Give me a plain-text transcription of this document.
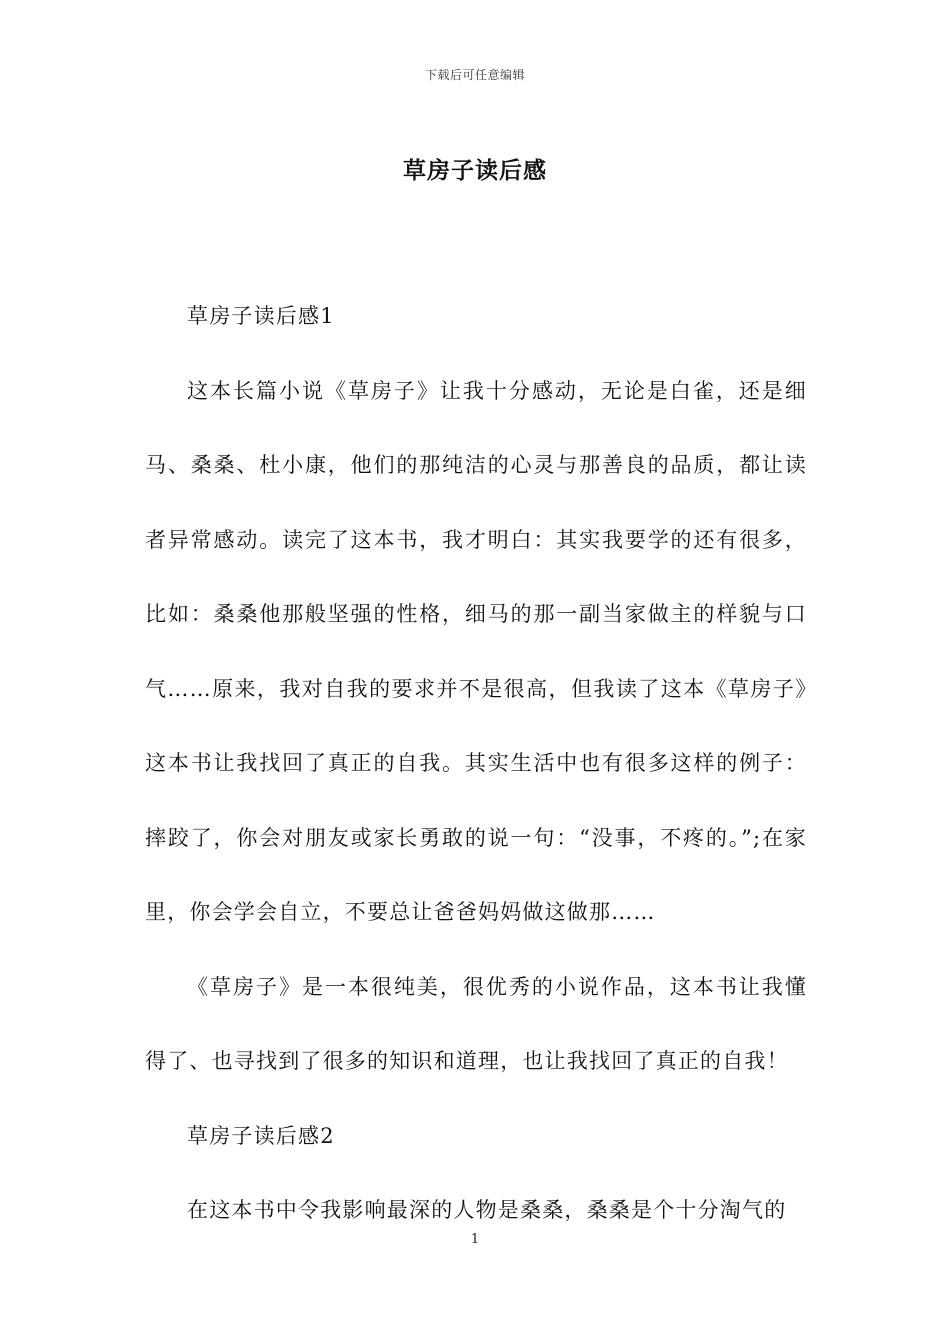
下载后可任意编辑
草房子读后感

草房子读后感1

这本长篇小说《草房子》让我十分感动，无论是白雀，还是细马、桑桑、杜小康，他们的那纯洁的心灵与那善良的品质，都让读者异常感动。读完了这本书，我才明白：其实我要学的还有很多，比如：桑桑他那般坚强的性格，细马的那一副当家做主的样貌与口气……原来，我对自我的要求并不是很高，但我读了这本《草房子》这本书让我找回了真正的自我。其实生活中也有很多这样的例子：摔跤了，你会对朋友或家长勇敢的说一句：“没事，不疼的。”;在家里，你会学会自立，不要总让爸爸妈妈做这做那……

《草房子》是一本很纯美，很优秀的小说作品，这本书让我懂得了、也寻找到了很多的知识和道理，也让我找回了真正的自我！

草房子读后感2

在这本书中令我影响最深的人物是桑桑，桑桑是个十分淘气的

1
